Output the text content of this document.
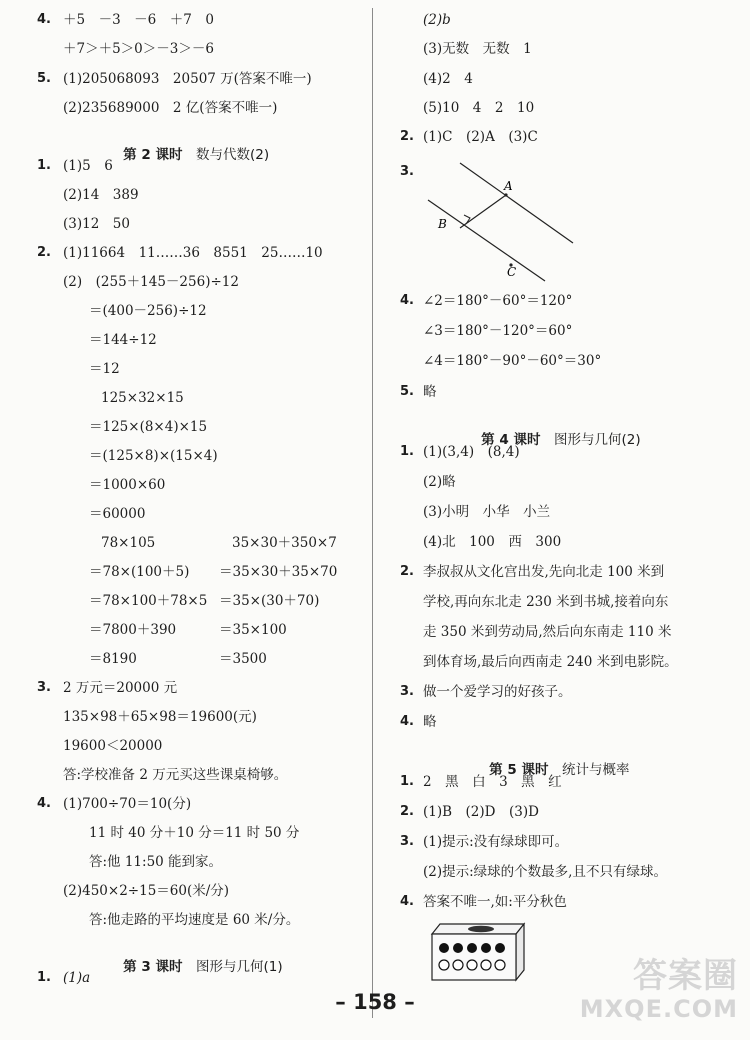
4. ＋5　－3　－6　＋7　0
＋7＞＋5＞0＞－3＞－6
5. (1)205068093　20507 万(答案不唯一)
(2)235689000　2 亿(答案不唯一)

第 2 课时　 数与代数(2)

1. (1)5　6
(2)14　389
(3)12　50
2. (1)11664　11……36　8551　25……10
(2)　(255＋145－256)÷12
＝(400－256)÷12
＝144÷12
＝12
125×32×15
＝125×(8×4)×15
＝(125×8)×(15×4)
＝1000×60
＝60000
78×105	35×30＋350×7
＝78×(100＋5) ＝35×30＋35×70
＝78×100＋78×5 ＝35×(30＋70)
＝7800＋390	＝35×100
＝8190	＝3500
3. 2 万元＝20000 元
135×98＋65×98＝19600(元)
19600＜20000
答:学校准备 2 万元买这些课桌椅够。
4. (1)700÷70＝10(分)
11 时 40 分＋10 分＝11 时 50 分
答:他 11:50 能到家。
(2)450×2÷15＝60(米/分)
答:他走路的平均速度是 60 米/分。

第 3 课时　 图形与几何(1)

1. (1)a
(2)b
(3)无数　无数　1
(4)2　4
(5)10　4　2　10
2. (1)C　(2)A　(3)C
3.
A
B
C
4. ∠2＝180°－60°＝120°
∠3＝180°－120°＝60°
∠4＝180°－90°－60°＝30°
5. 略

第 4 课时　 图形与几何(2)

1. (1)(3,4)　(8,4)
(2)略
(3)小明　小华　小兰
(4)北　100　西　300
2. 李叔叔从文化宫出发,先向北走 100 米到
学校,再向东北走 230 米到书城,接着向东
走 350 米到劳动局,然后向东南走 110 米
到体育场,最后向西南走 240 米到电影院。
3. 做一个爱学习的好孩子。
4. 略

第 5 课时　 统计与概率

1. 2　黑　白　3　黑　红
2. (1)B　(2)D　(3)D
3. (1)提示:没有绿球即可。
(2)提示:绿球的个数最多,且不只有绿球。
4. 答案不唯一,如:平分秋色
– 158 –
答案圈
MXQE.COM
